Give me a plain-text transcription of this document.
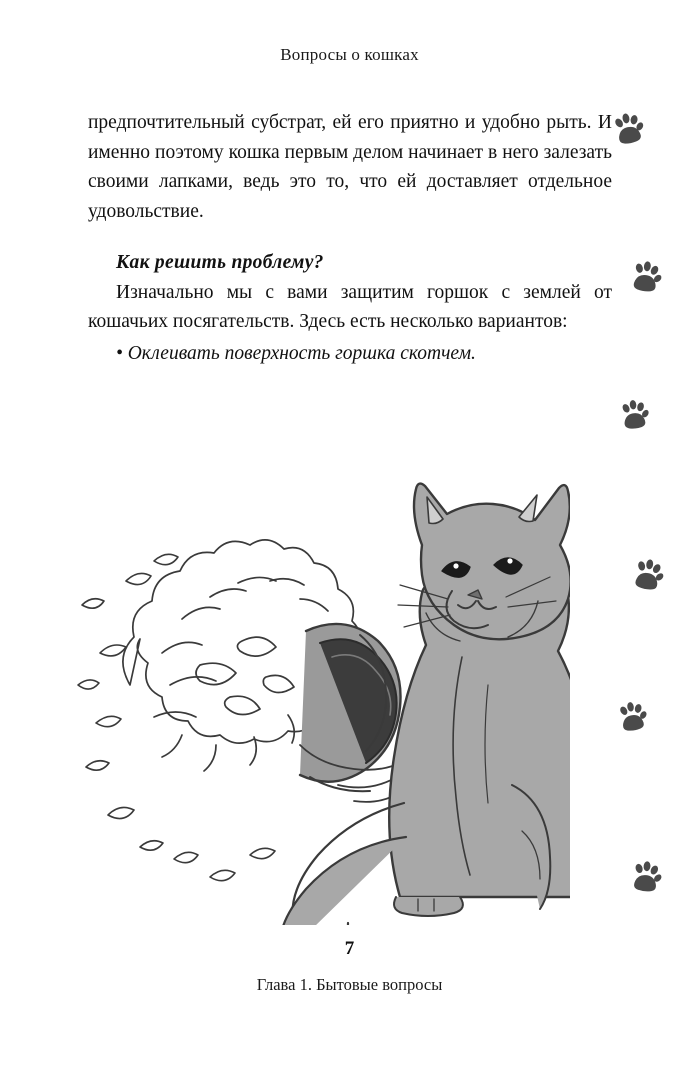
Вопросы о кошках

предпочтительный субстрат, ей его приятно и удобно рыть. И именно поэтому кошка первым делом начинает в него залезать своими лапками, ведь это то, что ей доставляет отдельное удовольствие.

Как решить проблему?

Изначально мы с вами защитим горшок с землей от кошачьих посягательств. Здесь есть несколько вариантов:

• Оклеивать поверхность горшка скотчем.

7
Глава 1. Бытовые вопросы
